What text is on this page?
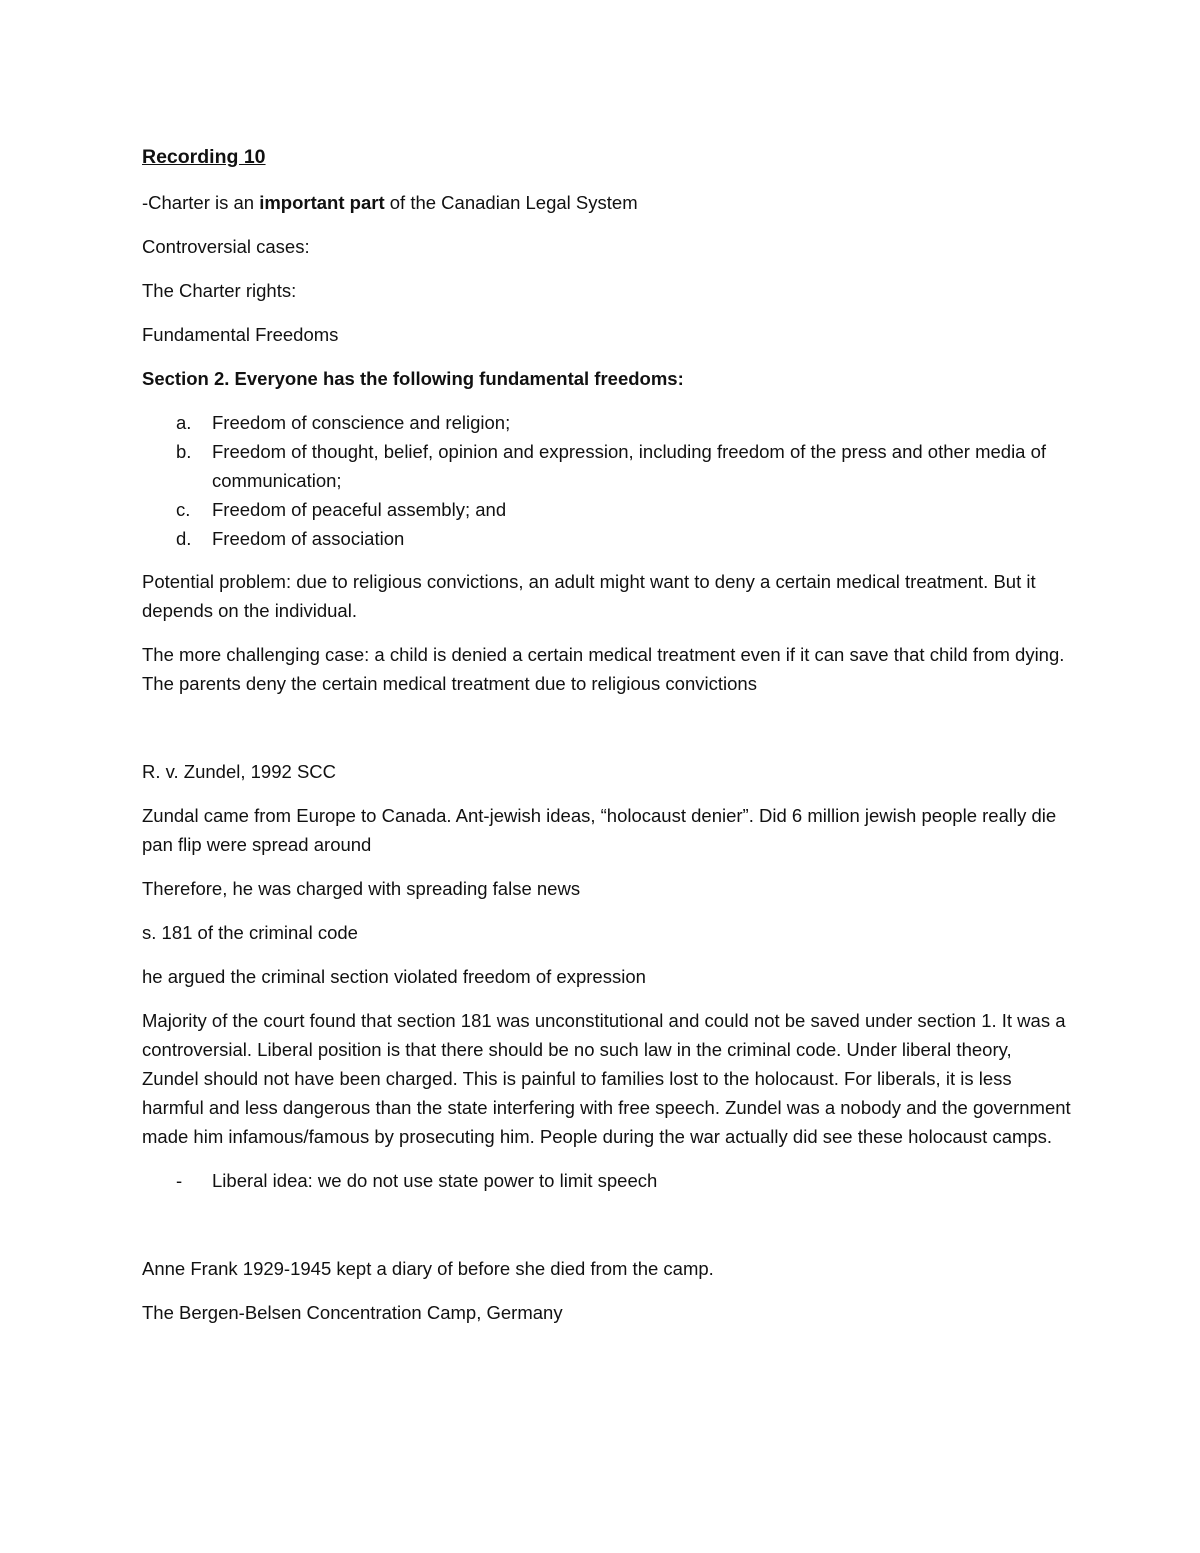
Recording 10

-Charter is an important part of the Canadian Legal System

Controversial cases:

The Charter rights:

Fundamental Freedoms

Section 2. Everyone has the following fundamental freedoms:

a. Freedom of conscience and religion;
b. Freedom of thought, belief, opinion and expression, including freedom of the press and other media of communication;
c. Freedom of peaceful assembly; and
d. Freedom of association

Potential problem: due to religious convictions, an adult might want to deny a certain medical treatment. But it depends on the individual.

The more challenging case: a child is denied a certain medical treatment even if it can save that child from dying. The parents deny the certain medical treatment due to religious convictions

R. v. Zundel, 1992 SCC

Zundal came from Europe to Canada. Ant-jewish ideas, “holocaust denier”. Did 6 million jewish people really die pan flip were spread around

Therefore, he was charged with spreading false news

s. 181 of the criminal code

he argued the criminal section violated freedom of expression

Majority of the court found that section 181 was unconstitutional and could not be saved under section 1. It was a controversial. Liberal position is that there should be no such law in the criminal code. Under liberal theory, Zundel should not have been charged. This is painful to families lost to the holocaust. For liberals, it is less harmful and less dangerous than the state interfering with free speech. Zundel was a nobody and the government made him infamous/famous by prosecuting him. People during the war actually did see these holocaust camps.

- Liberal idea: we do not use state power to limit speech

Anne Frank 1929-1945 kept a diary of before she died from the camp.

The Bergen-Belsen Concentration Camp, Germany
